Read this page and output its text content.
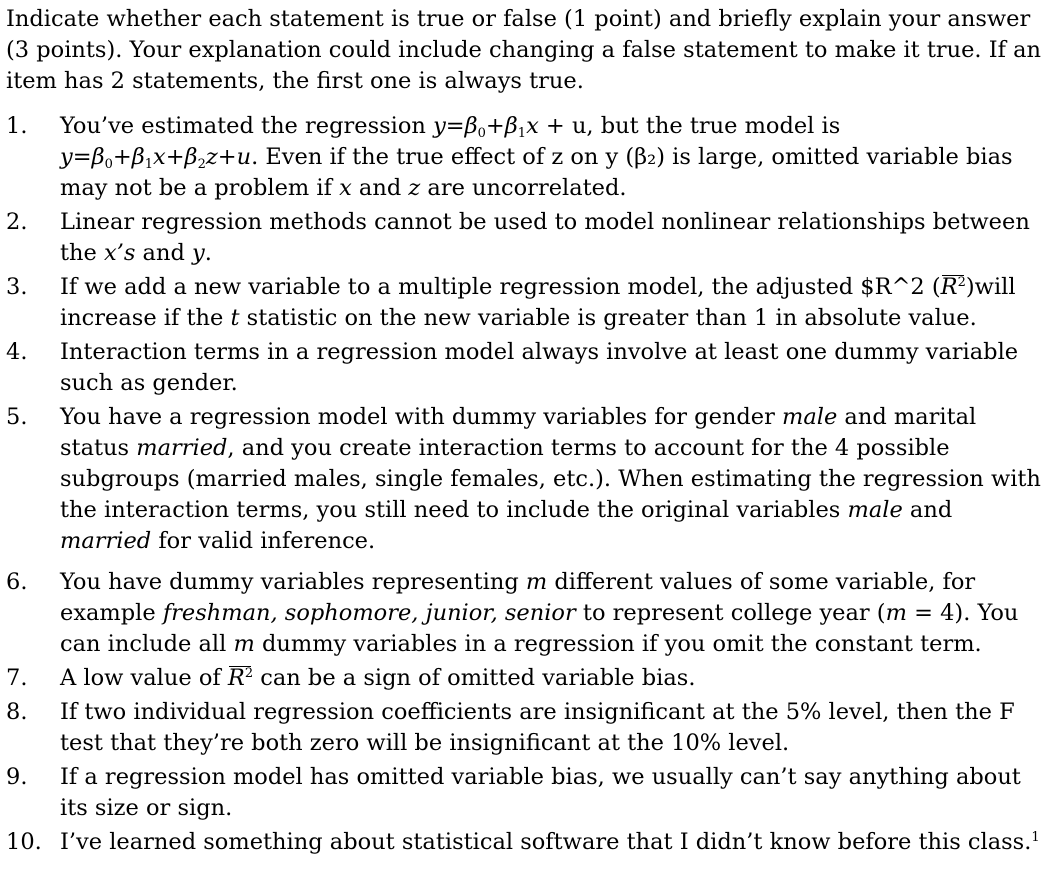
Indicate whether each statement is true or false (1 point) and briefly explain your answer (3 points). Your explanation could include changing a false statement to make it true. If an item has 2 statements, the first one is always true.

1.	You’ve estimated the regression $y=\beta_0+\beta_1x + u$, but the true model is
$y=\beta_0+\beta_1x+\beta_2z+u$. Even if the true effect of z on y (β₂) is large, omitted variable bias may not be a problem if x and z are uncorrelated.
2.	Linear regression methods cannot be used to model nonlinear relationships between the x’s and y.
3.	If we add a new variable to a multiple regression model, the adjusted $R^2 $(R^2)will$ increase if the t statistic on the new variable is greater than 1 in absolute value.
4.	Interaction terms in a regression model always involve at least one dummy variable such as gender.
5.	You have a regression model with dummy variables for gender male and marital status married, and you create interaction terms to account for the 4 possible subgroups (married males, single females, etc.). When estimating the regression with the interaction terms, you still need to include the original variables male and married for valid inference.
6.	You have dummy variables representing m different values of some variable, for example freshman, sophomore, junior, senior to represent college year (m = 4). You can include all m dummy variables in a regression if you omit the constant term.
7.	A low value of $R^2$ can be a sign of omitted variable bias.
8.	If two individual regression coefficients are insignificant at the 5% level, then the F test that they’re both zero will be insignificant at the 10% level.
9.	If a regression model has omitted variable bias, we usually can’t say anything about its size or sign.
10. I’ve learned something about statistical software that I didn’t know before this class.$^1$
